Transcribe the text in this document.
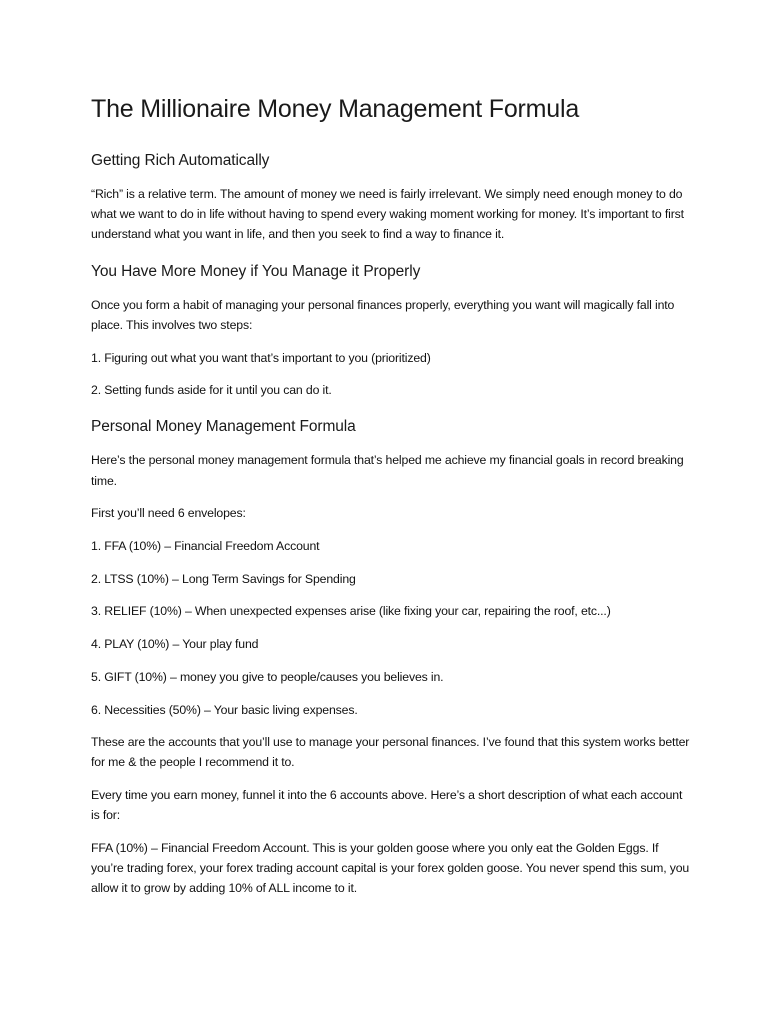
The Millionaire Money Management Formula
Getting Rich Automatically

“Rich” is a relative term. The amount of money we need is fairly irrelevant. We simply need enough money to do what we want to do in life without having to spend every waking moment working for money. It’s important to first understand what you want in life, and then you seek to find a way to finance it.

You Have More Money if You Manage it Properly

Once you form a habit of managing your personal finances properly, everything you want will magically fall into place. This involves two steps:

1. Figuring out what you want that’s important to you (prioritized)

2. Setting funds aside for it until you can do it.

Personal Money Management Formula

Here’s the personal money management formula that’s helped me achieve my financial goals in record breaking time.

First you’ll need 6 envelopes:

1. FFA (10%) – Financial Freedom Account

2. LTSS (10%) – Long Term Savings for Spending

3. RELIEF (10%) – When unexpected expenses arise (like fixing your car, repairing the roof, etc...)

4. PLAY (10%) – Your play fund

5. GIFT (10%) – money you give to people/causes you believes in.

6. Necessities (50%) – Your basic living expenses.

These are the accounts that you’ll use to manage your personal finances. I’ve found that this system works better for me & the people I recommend it to.

Every time you earn money, funnel it into the 6 accounts above. Here’s a short description of what each account is for:

FFA (10%) – Financial Freedom Account. This is your golden goose where you only eat the Golden Eggs. If you’re trading forex, your forex trading account capital is your forex golden goose. You never spend this sum, you allow it to grow by adding 10% of ALL income to it.
